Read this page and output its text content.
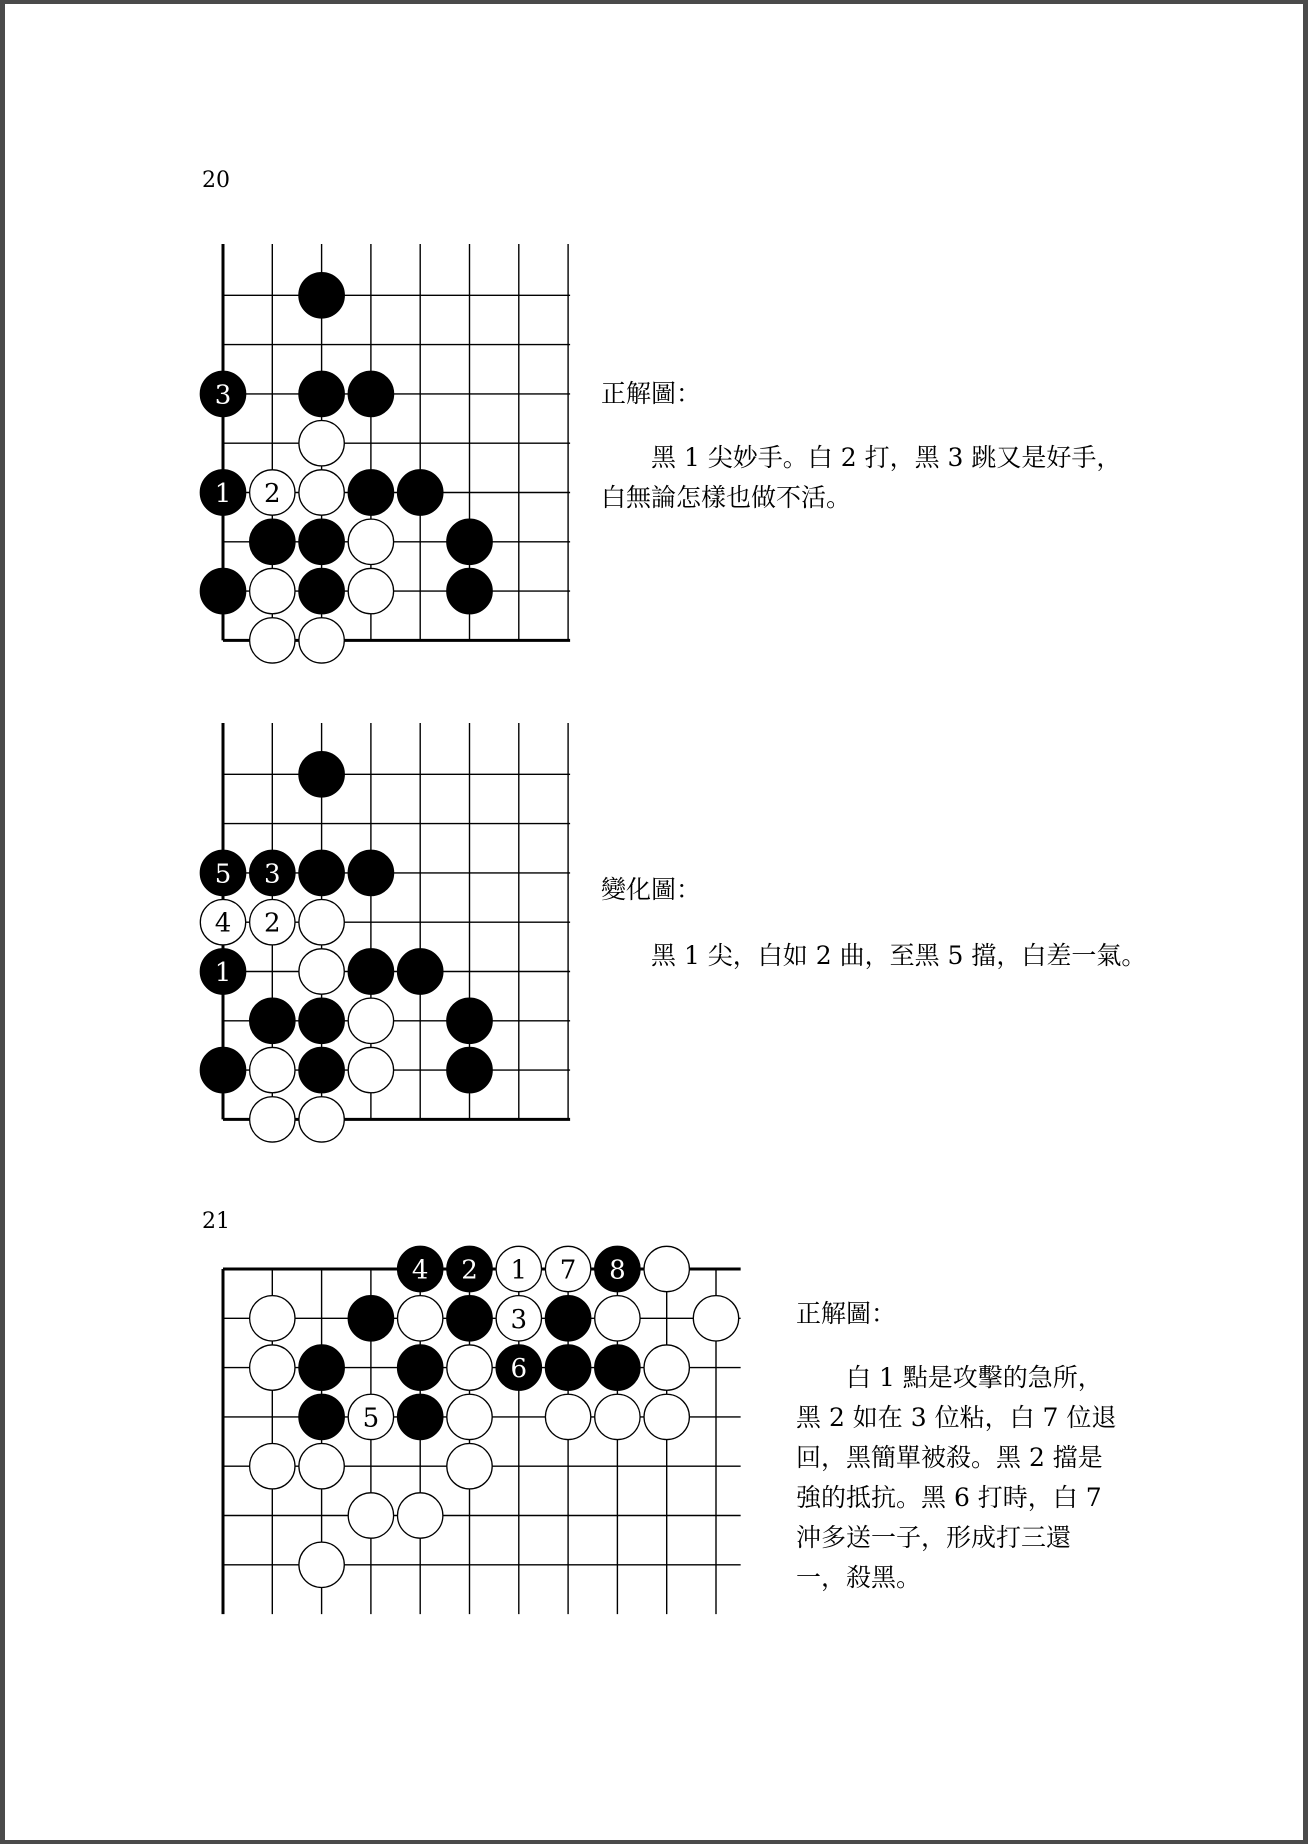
20
3
1 2
正解圖：
　　黑 1 尖妙手。白 2 打，黑 3 跳又是好手，
白無論怎樣也做不活。
5 3
4 2
1
變化圖：
　　黑 1 尖，白如 2 曲，至黑 5 擋，白差一氣。
21
4 2 1 7 8
3
6
5
正解圖：
　　白 1 點是攻擊的急所，
黑 2 如在 3 位粘，白 7 位退
回，黑簡單被殺。黑 2 擋是
強的抵抗。黑 6 打時，白 7
沖多送一子，形成打三還
一，殺黑。
